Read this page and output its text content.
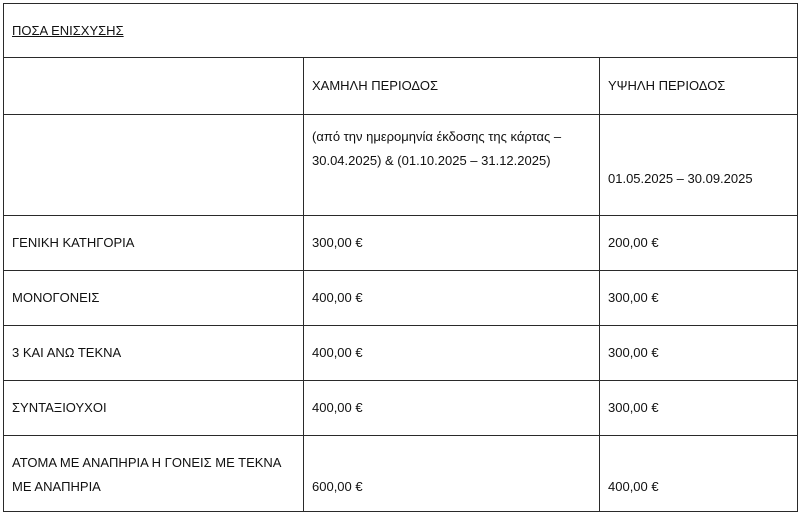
ΠΟΣΑ ΕΝΙΣΧΥΣΗΣ		
	ΧΑΜΗΛΗ ΠΕΡΙΟΔΟΣ	ΥΨΗΛΗ ΠΕΡΙΟΔΟΣ
	(από την ημερομηνία έκδοσης της κάρτας – 30.04.2025) & (01.10.2025 – 31.12.2025)	01.05.2025 – 30.09.2025
ΓΕΝΙΚΗ ΚΑΤΗΓΟΡΙΑ	300,00 €	200,00 €
ΜΟΝΟΓΟΝΕΙΣ	400,00 €	300,00 €
3 ΚΑΙ ΑΝΩ ΤΕΚΝΑ	400,00 €	300,00 €
ΣΥΝΤΑΞΙΟΥΧΟΙ	400,00 €	300,00 €
ΑΤΟΜΑ ΜΕ ΑΝΑΠΗΡΙΑ Η ΓΟΝΕΙΣ ΜΕ ΤΕΚΝΑ ΜΕ ΑΝΑΠΗΡΙΑ	600,00 €	400,00 €
